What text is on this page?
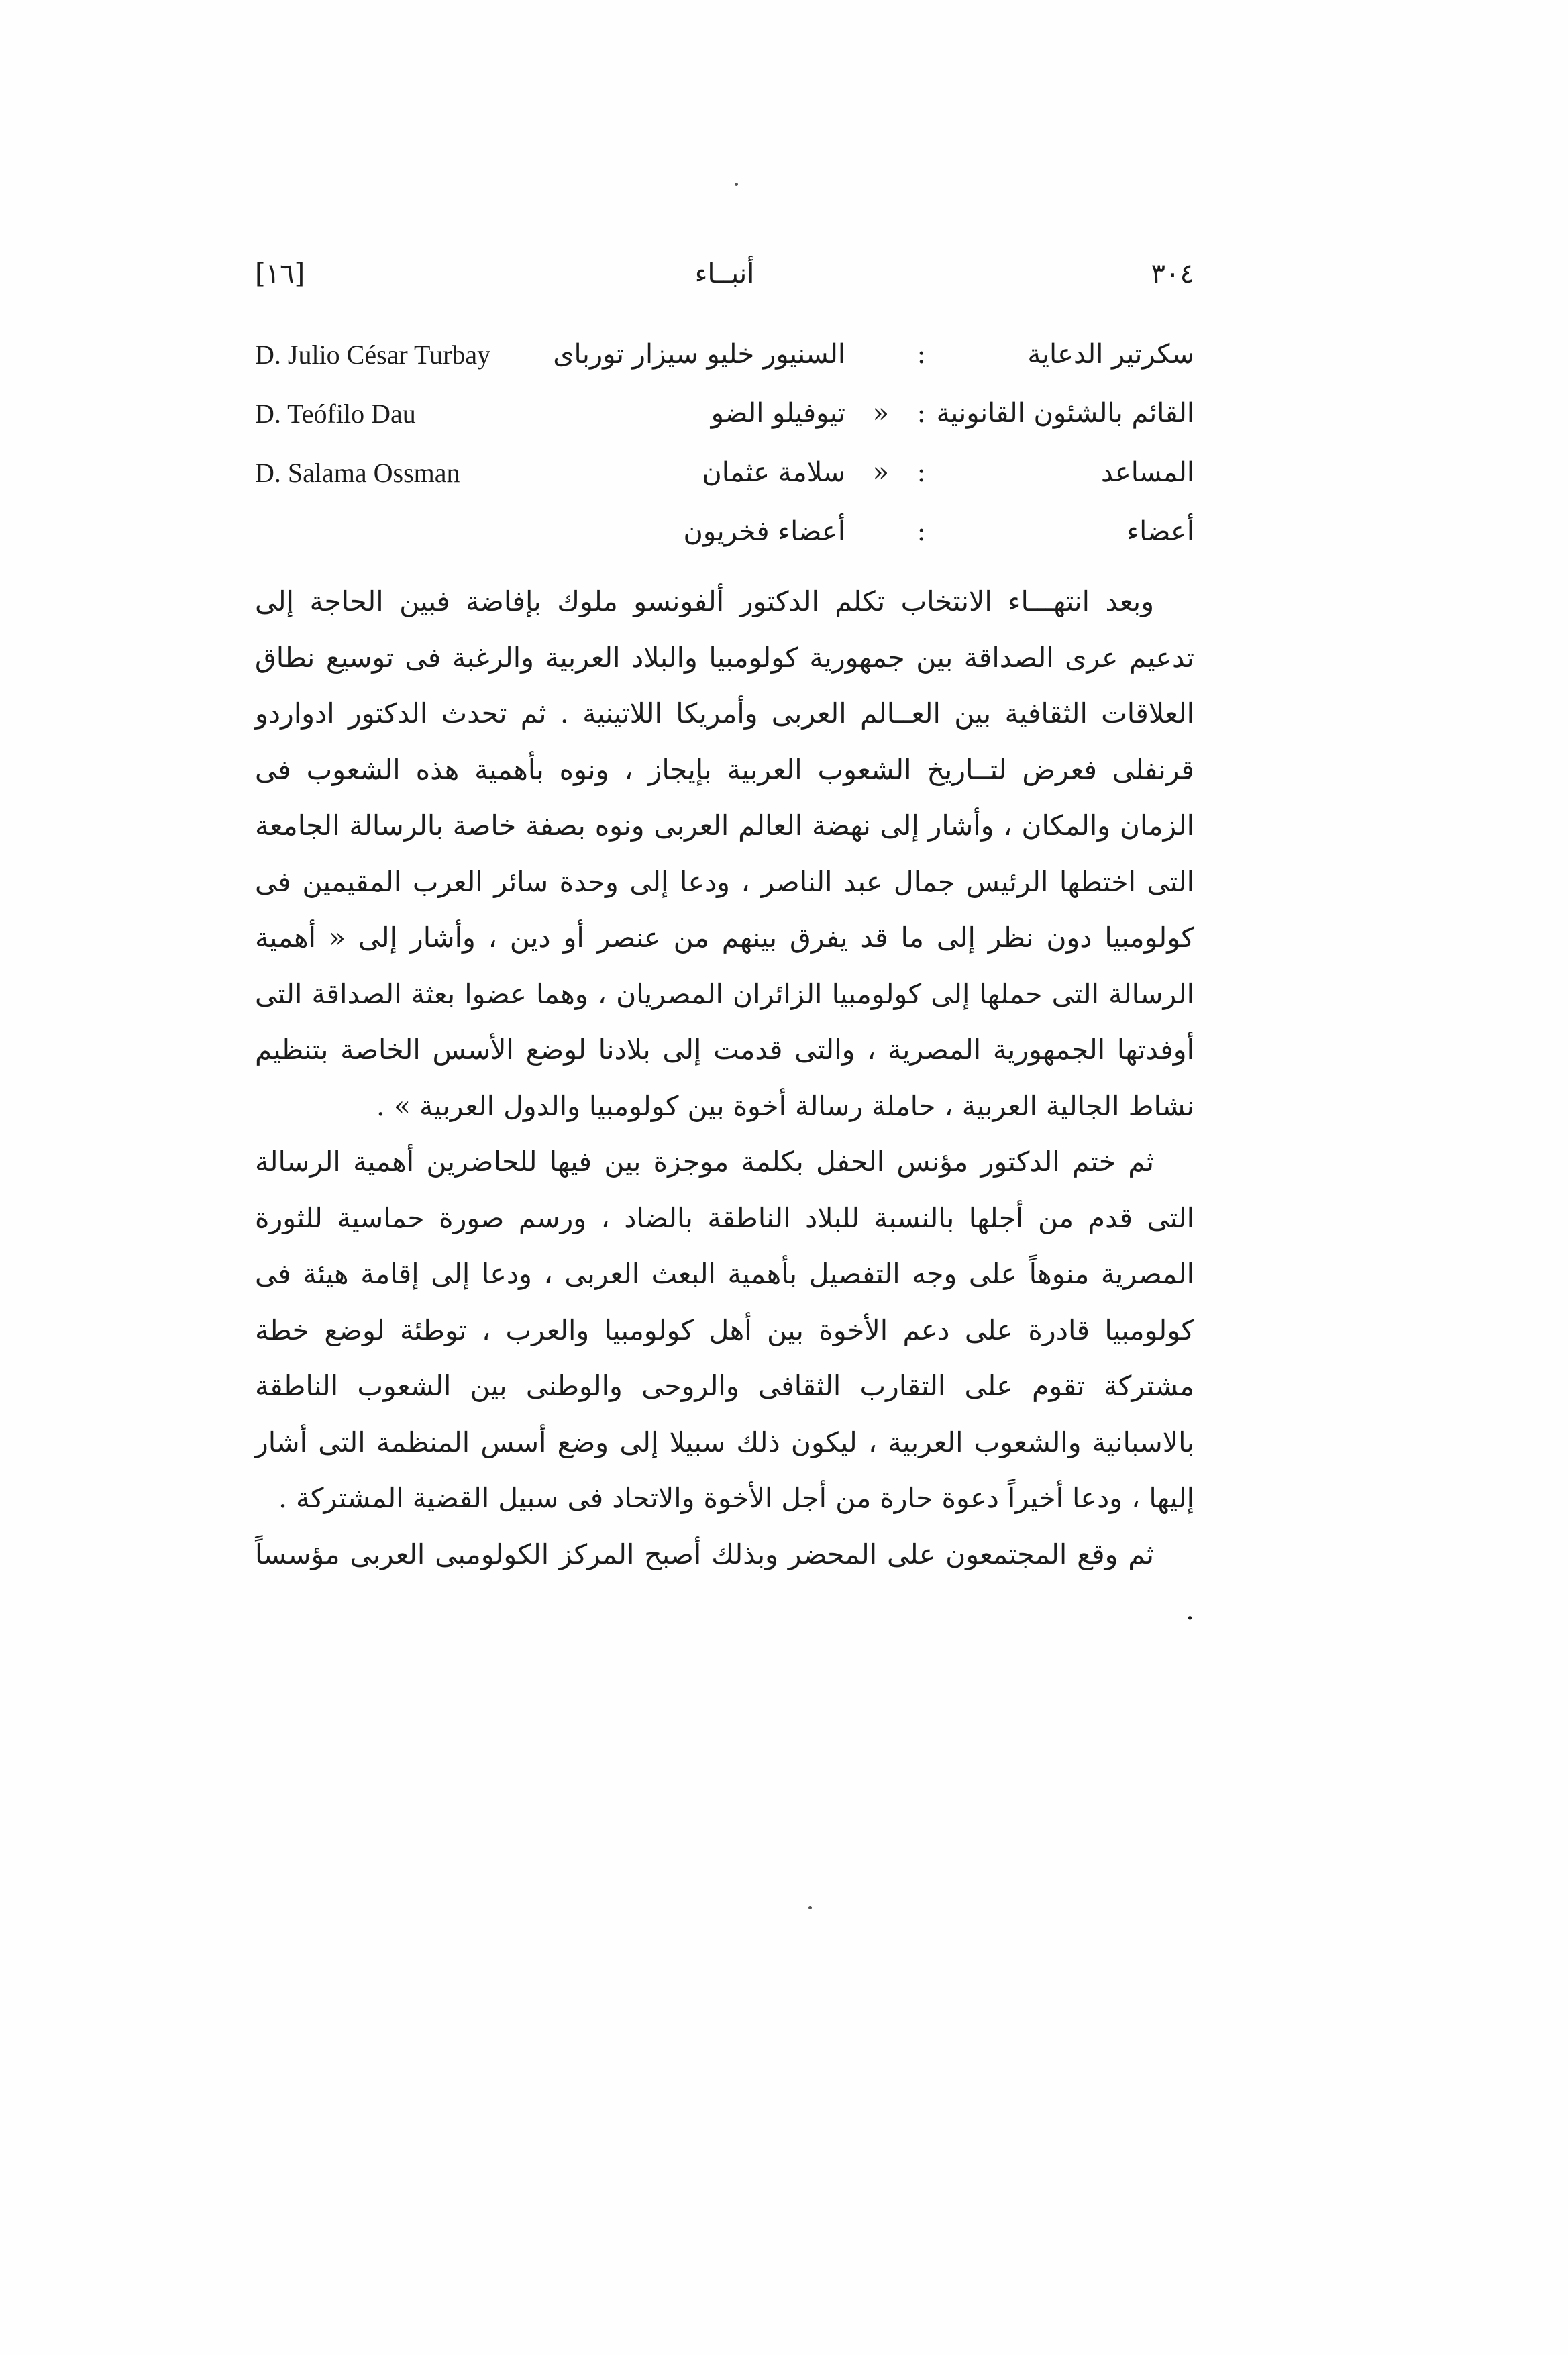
٣٠٤
أنبــاء
[١٦]
سكرتير الدعاية
:
السنيور خليو سيزار توربای
D. Julio César Turbay
القائم بالشئون القانونية
:
»
تيوفيلو الضو
D. Teófilo Dau
المساعد
:
»
سلامة عثمان
D. Salama Ossman
أعضاء
:
أعضاء فخريون

وبعد انتهـــاء الانتخاب تكلم الدكتور ألفونسو ملوك بإفاضة فبين الحاجة إلى تدعيم عرى الصداقة بين جمهورية كولومبيا والبلاد العربية والرغبة فى توسيع نطاق العلاقات الثقافية بين العــالم العربى وأمريكا اللاتينية . ثم تحدث الدكتور ادواردو قرنفلى فعرض لتــاريخ الشعوب العربية بإيجاز ، ونوه بأهمية هذه الشعوب فى الزمان والمكان ، وأشار إلى نهضة العالم العربى ونوه بصفة خاصة بالرسالة الجامعة التى اختطها الرئيس جمال عبد الناصر ، ودعا إلى وحدة سائر العرب المقيمين فى كولومبيا دون نظر إلى ما قد يفرق بينهم من عنصر أو دين ، وأشار إلى « أهمية الرسالة التى حملها إلى كولومبيا الزائران المصريان ، وهما عضوا بعثة الصداقة التى أوفدتها الجمهورية المصرية ، والتى قدمت إلى بلادنا لوضع الأسس الخاصة بتنظيم نشاط الجالية العربية ، حاملة رسالة أخوة بين كولومبيا والدول العربية » .

ثم ختم الدكتور مؤنس الحفل بكلمة موجزة بين فيها للحاضرين أهمية الرسالة التى قدم من أجلها بالنسبة للبلاد الناطقة بالضاد ، ورسم صورة حماسية للثورة المصرية منوهاً على وجه التفصيل بأهمية البعث العربى ، ودعا إلى إقامة هيئة فى كولومبيا قادرة على دعم الأخوة بين أهل كولومبيا والعرب ، توطئة لوضع خطة مشتركة تقوم على التقارب الثقافى والروحى والوطنى بين الشعوب الناطقة بالاسبانية والشعوب العربية ، ليكون ذلك سبيلا إلى وضع أسس المنظمة التى أشار إليها ، ودعا أخيراً دعوة حارة من أجل الأخوة والاتحاد فى سبيل القضية المشتركة .

ثم وقع المجتمعون على المحضر وبذلك أصبح المركز الكولومبى العربى مؤسساً .
